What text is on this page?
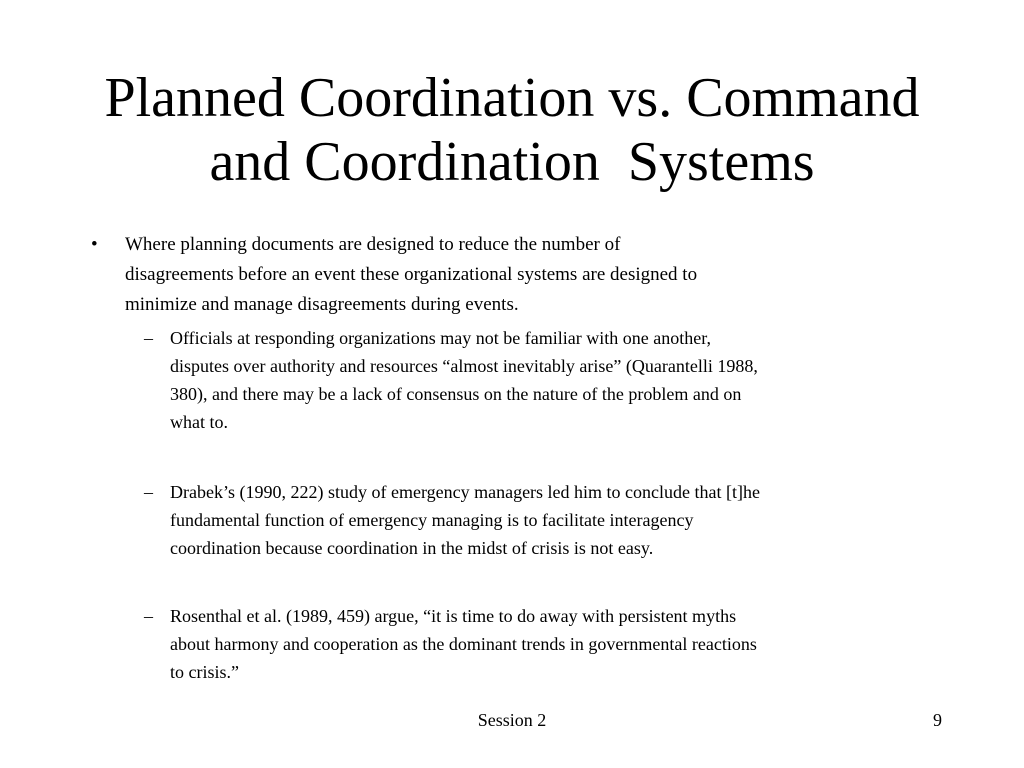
Planned Coordination vs. Command
and Coordination  Systems
• Where planning documents are designed to reduce the number of
disagreements before an event these organizational systems are designed to
minimize and manage disagreements during events.
– Officials at responding organizations may not be familiar with one another,
disputes over authority and resources “almost inevitably arise” (Quarantelli 1988,
380), and there may be a lack of consensus on the nature of the problem and on
what to.
– Drabek’s (1990, 222) study of emergency managers led him to conclude that [t]he
fundamental function of emergency managing is to facilitate interagency
coordination because coordination in the midst of crisis is not easy.
– Rosenthal et al. (1989, 459) argue, “it is time to do away with persistent myths
about harmony and cooperation as the dominant trends in governmental reactions
to crisis.”
Session 2	9
